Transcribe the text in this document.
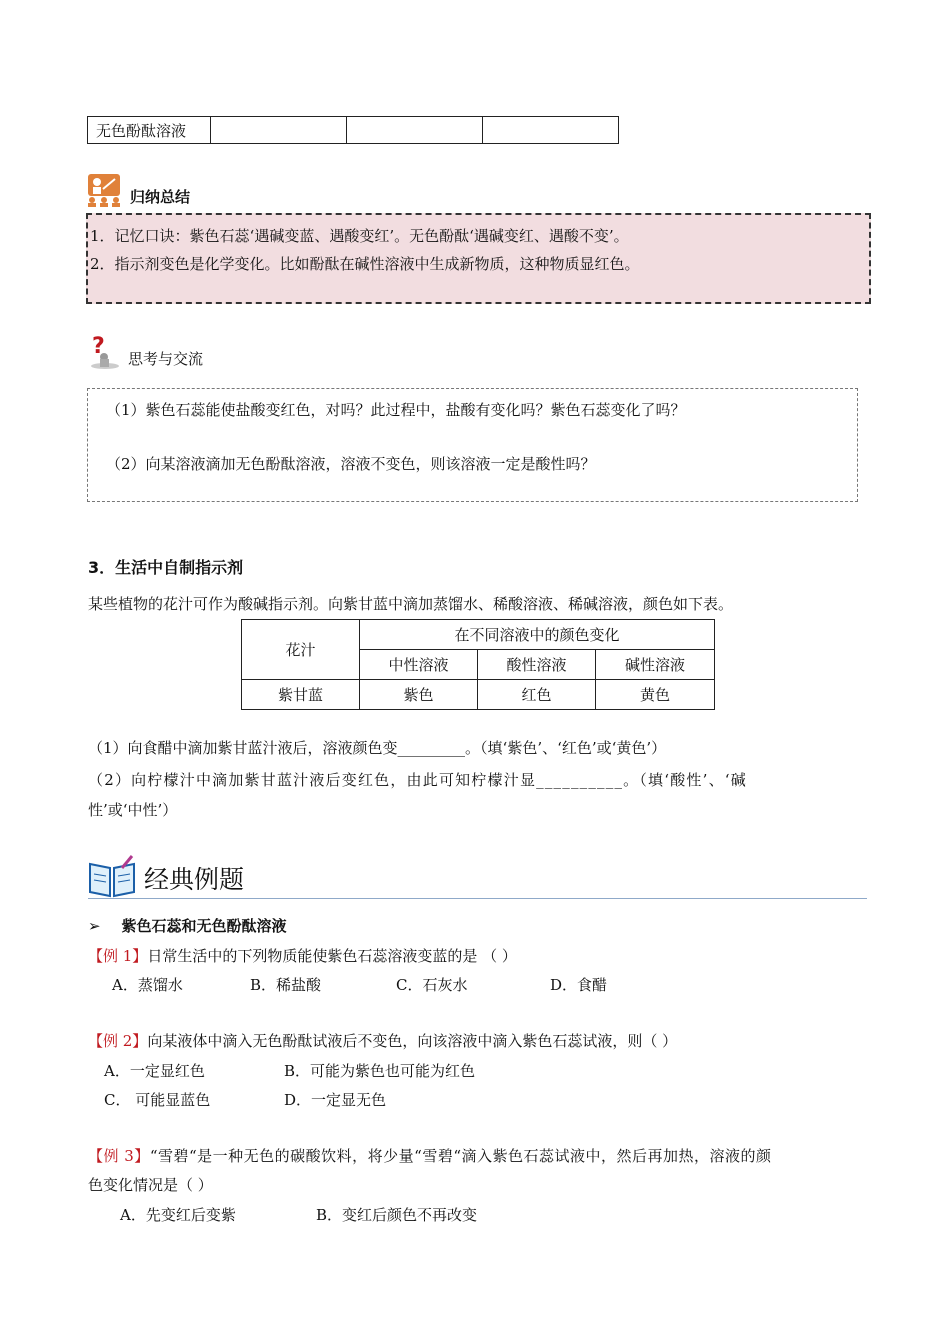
无色酚酞溶液			
归纳总结

1．记忆口诀：紫色石蕊‘遇碱变蓝、遇酸变红’。无色酚酞‘遇碱变红、遇酸不变’。

2．指示剂变色是化学变化。比如酚酞在碱性溶液中生成新物质，这种物质显红色。

? 思考与交流

（1）紫色石蕊能使盐酸变红色，对吗？此过程中，盐酸有变化吗？紫色石蕊变化了吗？

（2）向某溶液滴加无色酚酞溶液，溶液不变色，则该溶液一定是酸性吗？

3．生活中自制指示剂
某些植物的花汁可作为酸碱指示剂。向紫甘蓝中滴加蒸馏水、稀酸溶液、稀碱溶液，颜色如下表。
花汁	在不同溶液中的颜色变化		
	中性溶液	酸性溶液	碱性溶液
紫甘蓝	紫色	红色	黄色
（1）向食醋中滴加紫甘蓝汁液后，溶液颜色变_________。（填‘紫色’、‘红色’或‘黄色’）
（2）向柠檬汁中滴加紫甘蓝汁液后变红色，由此可知柠檬汁显__________。（填‘酸性’、‘碱
性’或‘中性’）
经典例题
➢ 紫色石蕊和无色酚酞溶液
【例 1】日常生活中的下列物质能使紫色石蕊溶液变蓝的是 （ ）
A．蒸馏水	B．稀盐酸	C．石灰水	D．食醋
【例 2】向某液体中滴入无色酚酞试液后不变色，向该溶液中滴入紫色石蕊试液，则（ ）
A．一定显红色	B．可能为紫色也可能为红色
C． 可能显蓝色	D．一定显无色
【例 3】“雪碧“是一种无色的碳酸饮料，将少量“雪碧“滴入紫色石蕊试液中，然后再加热，溶液的颜
色变化情况是（ ）
A．先变红后变紫	B．变红后颜色不再改变
